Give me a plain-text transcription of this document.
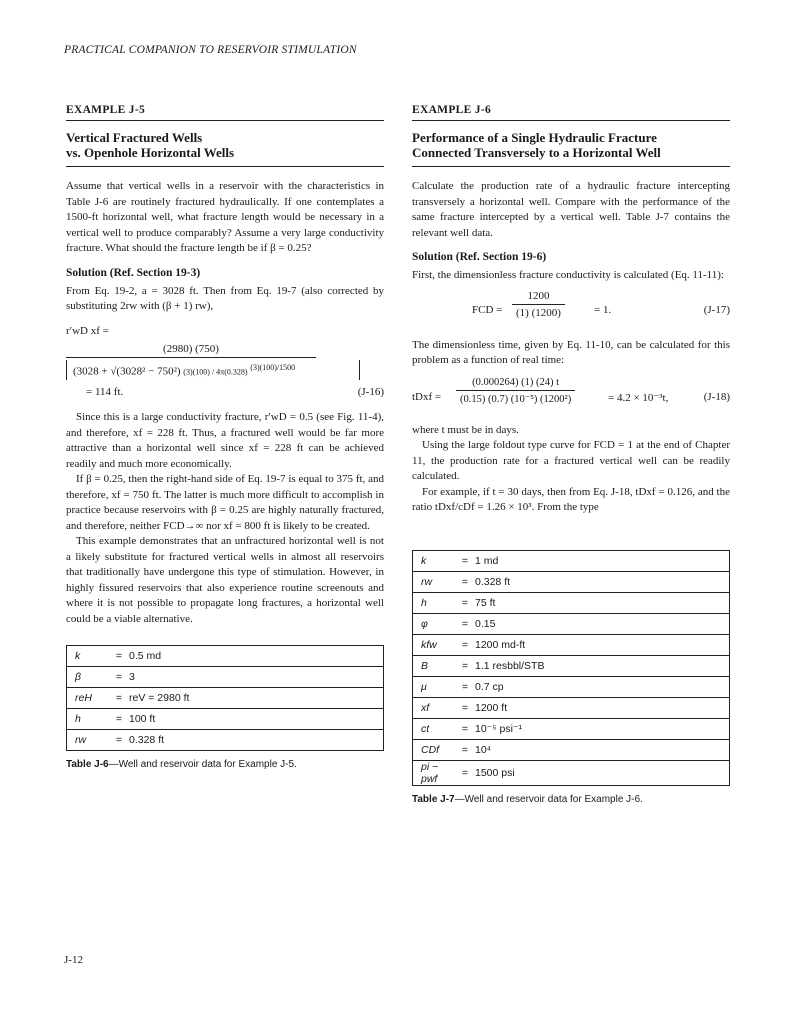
PRACTICAL COMPANION TO RESERVOIR STIMULATION
EXAMPLE J-5
Vertical Fractured Wells
vs. Openhole Horizontal Wells

Assume that vertical wells in a reservoir with the characteristics in Table J-6 are routinely fractured hydraulically. If one contemplates a 1500-ft horizontal well, what fracture length would be necessary in a vertical well to produce comparably? Assume a very large conductivity fracture. What should the fracture length be if β = 0.25?

Solution (Ref. Section 19-3)

From Eq. 19-2, a = 3028 ft. Then from Eq. 19-7 (also corrected by substituting 2rw with (β + 1) rw),

r′wD xf =
(2980) (750)
(3028 + √(3028² − 750²) (3)(100) / 4π(0.328) $^{(3)(100)/1500}$
= 114 ft.	(J-16)

Since this is a large conductivity fracture, r′wD = 0.5 (see Fig. 11-4), and therefore, xf = 228 ft. Thus, a fractured well would be far more attractive than a horizontal well since xf = 228 ft can be achieved readily and much more economically.

If β = 0.25, then the right-hand side of Eq. 19-7 is equal to 375 ft, and therefore, xf = 750 ft. The latter is much more difficult to accomplish in practice because reservoirs with β = 0.25 are highly naturally fractured, and therefore, neither FCD→∞ nor xf = 800 ft is likely to be created.

This example demonstrates that an unfractured horizontal well is not a likely substitute for fractured vertical wells in almost all reservoirs that traditionally have undergone this type of stimulation. However, in highly fissured reservoirs that also experience routine screenouts and where it is not possible to propagate long fractures, a horizontal well could be a viable alternative.

k	=	0.5 md
β	=	3
reH	=	reV = 2980 ft
h	=	100 ft
rw	=	0.328 ft
Table J-6—Well and reservoir data for Example J-5.
EXAMPLE J-6
Performance of a Single Hydraulic Fracture
Connected Transversely to a Horizontal Well

Calculate the production rate of a hydraulic fracture intercepting transversely a horizontal well. Compare with the performance of the same fracture intercepted by a vertical well. Table J-7 contains the relevant well data.

Solution (Ref. Section 19-6)

First, the dimensionless fracture conductivity is calculated (Eq. 11-11):

FCD = $\frac{1200}{(1) (1200)}$	= 1.	(J-17)

The dimensionless time, given by Eq. 11-10, can be calculated for this problem as a function of real time:

tDxf = $\frac{(0.000264) (1) (24) t}{\text{(0.15) (0.7) (10⁻⁵) (1200²)}}$	= 4.2 × 10⁻³t,	(J-18)

where t must be in days.

Using the large foldout type curve for FCD = 1 at the end of Chapter 11, the production rate for a fractured vertical well can be readily calculated.

For example, if t = 30 days, then from Eq. J-18, tDxf = 0.126, and the ratio tDxf/cDf = 1.26 × 10³. From the type

k	=	1 md
rw	=	0.328 ft
h	=	75 ft
φ	=	0.15
kfw	=	1200 md-ft
B	=	1.1 resbbl/STB
μ	=	0.7 cp
xf	=	1200 ft
ct	=	10⁻⁵ psi⁻¹
CDf	=	10⁴
pi − pwf	=	1500 psi
Table J-7—Well and reservoir data for Example J-6.
J-12
